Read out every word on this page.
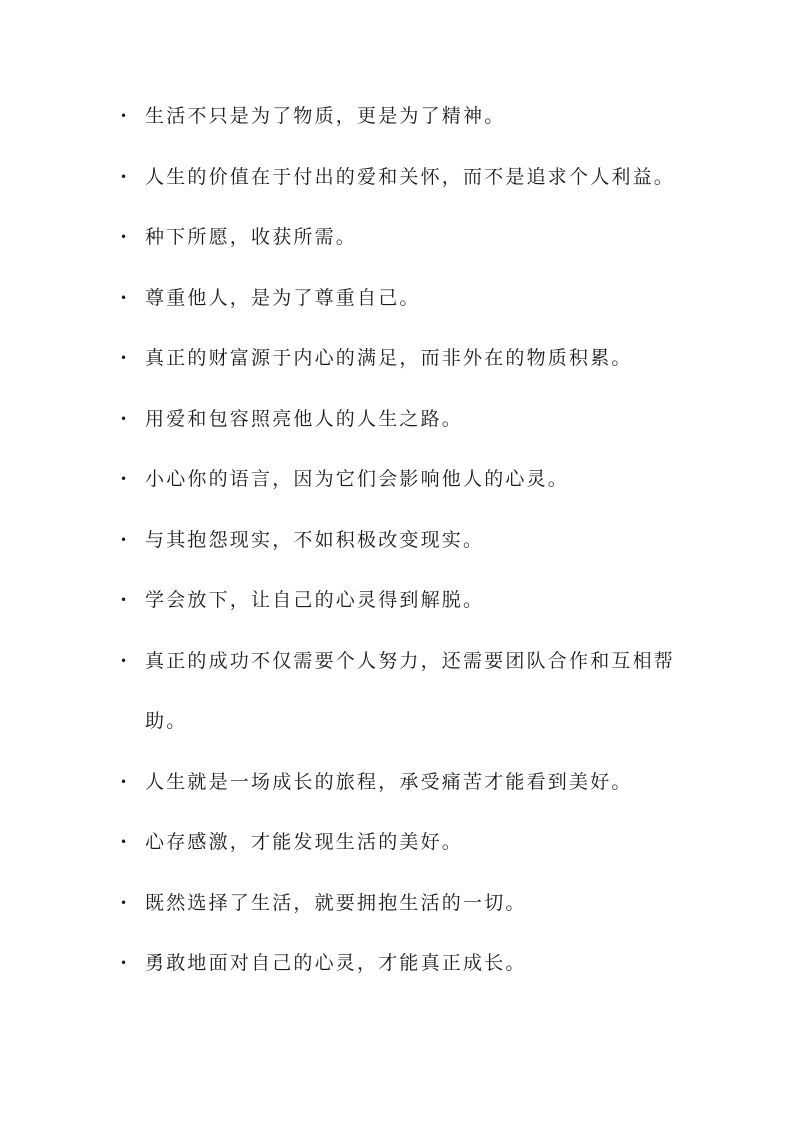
• 生活不只是为了物质，更是为了精神。
• 人生的价值在于付出的爱和关怀，而不是追求个人利益。
• 种下所愿，收获所需。
• 尊重他人，是为了尊重自己。
• 真正的财富源于内心的满足，而非外在的物质积累。
• 用爱和包容照亮他人的人生之路。
• 小心你的语言，因为它们会影响他人的心灵。
• 与其抱怨现实，不如积极改变现实。
• 学会放下，让自己的心灵得到解脱。
• 真正的成功不仅需要个人努力，还需要团队合作和互相帮助。
• 人生就是一场成长的旅程，承受痛苦才能看到美好。
• 心存感激，才能发现生活的美好。
• 既然选择了生活，就要拥抱生活的一切。
• 勇敢地面对自己的心灵，才能真正成长。
